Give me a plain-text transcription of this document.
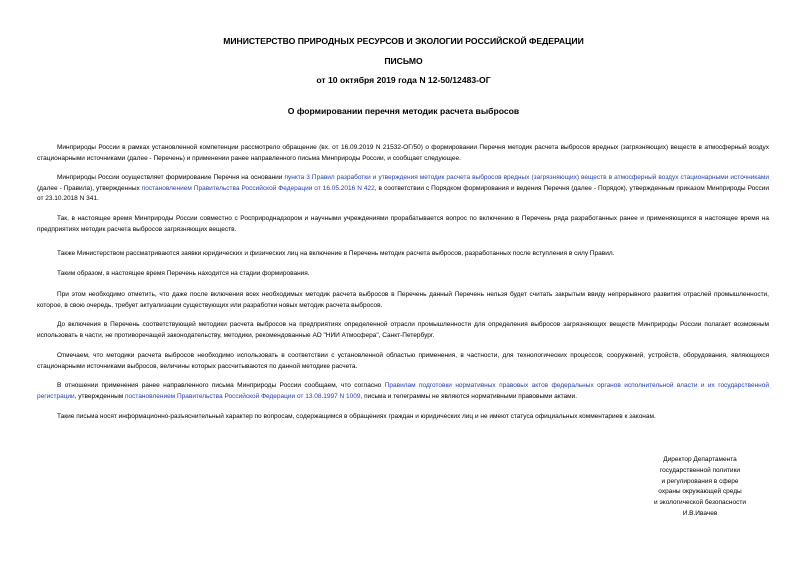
МИНИСТЕРСТВО ПРИРОДНЫХ РЕСУРСОВ И ЭКОЛОГИИ РОССИЙСКОЙ ФЕДЕРАЦИИ
ПИСЬМО
от 10 октября 2019 года N 12-50/12483-ОГ
О формировании перечня методик расчета выбросов
Минприроды России в рамках установленной компетенции рассмотрело обращение (вх. от 16.09.2019 N 21532-ОГ/50) о формировании Перечня методик расчета выбросов вредных (загрязняющих) веществ в атмосферный воздух стационарными источниками (далее - Перечень) и применении ранее направленного письма Минприроды России, и сообщает следующее.
Минприроды России осуществляет формирование Перечня на основании пункта 3 Правил разработки и утверждения методик расчета выбросов вредных (загрязняющих) веществ в атмосферный воздух стационарными источниками (далее - Правила), утвержденных постановлением Правительства Российской Федерации от 16.05.2016 N 422, в соответствии с Порядком формирования и ведения Перечня (далее - Порядок), утвержденным приказом Минприроды России от 23.10.2018 N 341.
Так, в настоящее время Минприроды России совместно с Росприроднадзором и научными учреждениями прорабатывается вопрос по включению в Перечень ряда разработанных ранее и применяющихся в настоящее время на предприятиях методик расчета выбросов загрязняющих веществ.
Также Министерством рассматриваются заявки юридических и физических лиц на включение в Перечень методик расчета выбросов, разработанных после вступления в силу Правил.
Таким образом, в настоящее время Перечень находится на стадии формирования.
При этом необходимо отметить, что даже после включения всех необходимых методик расчета выбросов в Перечень данный Перечень нельзя будет считать закрытым ввиду непрерывного развития отраслей промышленности, которое, в свою очередь, требует актуализации существующих или разработки новых методик расчета выбросов.
До включения в Перечень соответствующей методики расчета выбросов на предприятиях определенной отрасли промышленности для определения выбросов загрязняющих веществ Минприроды России полагает возможным использовать в части, не противоречащей законодательству, методики, рекомендованные АО "НИИ Атмосфера", Санкт-Петербург.
Отмечаем, что методики расчета выбросов необходимо использовать в соответствии с установленной областью применения, в частности, для технологических процессов, сооружений, устройств, оборудования, являющихся стационарными источниками выбросов, величины которых рассчитываются по данной методике расчета.
В отношении применения ранее направленного письма Минприроды России сообщаем, что согласно Правилам подготовки нормативных правовых актов федеральных органов исполнительной власти и их государственной регистрации, утвержденным постановлением Правительства Российской Федерации от 13.08.1997 N 1009, письма и телеграммы не являются нормативными правовыми актами.
Такие письма носят информационно-разъяснительный характер по вопросам, содержащимся в обращениях граждан и юридических лиц и не имеют статуса официальных комментариев к законам.
Директор Департамента
государственной политики
и регулирования в сфере
охраны окружающей среды
и экологической безопасности
И.В.Ивачев
